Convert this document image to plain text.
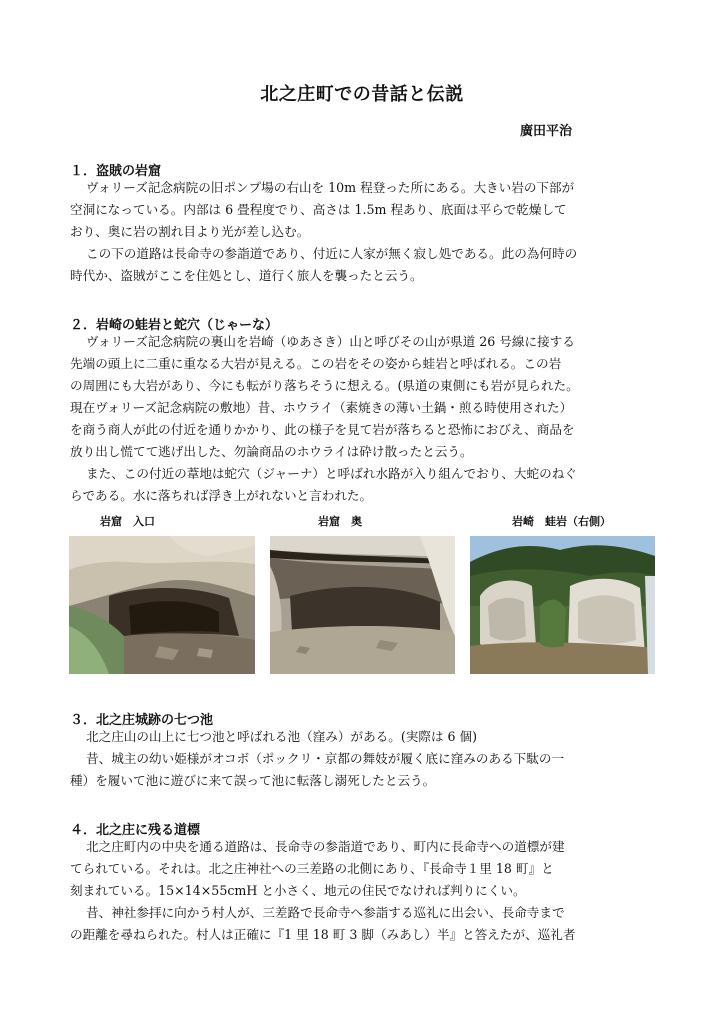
北之庄町での昔話と伝説
廣田平治
１．盗賊の岩窟
ヴォリーズ記念病院の旧ポンプ場の右山を 10m 程登った所にある。大きい岩の下部が
空洞になっている。内部は 6 畳程度でり、高さは 1.5m 程あり、底面は平らで乾燥して
おり、奥に岩の割れ目より光が差し込む。
この下の道路は長命寺の参詣道であり、付近に人家が無く寂し処である。此の為何時の
時代か、盗賊がここを住処とし、道行く旅人を襲ったと云う。
２．岩崎の蛙岩と蛇穴（じゃーな）
ヴォリーズ記念病院の裏山を岩崎（ゆあさき）山と呼びその山が県道 26 号線に接する
先端の頭上に二重に重なる大岩が見える。この岩をその姿から蛙岩と呼ばれる。この岩
の周囲にも大岩があり、今にも転がり落ちそうに想える。(県道の東側にも岩が見られた。
現在ヴォリーズ記念病院の敷地）昔、ホウライ（素焼きの薄い土鍋・煎る時使用された）
を商う商人が此の付近を通りかかり、此の様子を見て岩が落ちると恐怖におびえ、商品を
放り出し慌てて逃げ出した、勿論商品のホウライは砕け散ったと云う。
また、この付近の葦地は蛇穴（ジャーナ）と呼ばれ水路が入り組んでおり、大蛇のねぐ
らである。水に落ちれば浮き上がれないと言われた。
岩窟　入口	岩窟　奥	岩崎　蛙岩（右側）
３．北之庄城跡の七つ池
北之庄山の山上に七つ池と呼ばれる池（窪み）がある。(実際は 6 個)
昔、城主の幼い姫様がオコボ（ポックリ・京都の舞妓が履く底に窪みのある下駄の一
種）を履いて池に遊びに来て誤って池に転落し溺死したと云う。
４．北之庄に残る道標
北之庄町内の中央を通る道路は、長命寺の参詣道であり、町内に長命寺への道標が建
てられている。それは。北之庄神社への三差路の北側にあり、『長命寺１里 18 町』と
刻まれている。15×14×55cmH と小さく、地元の住民でなければ判りにくい。
昔、神社参拝に向かう村人が、三差路で長命寺へ参詣する巡礼に出会い、長命寺まで
の距離を尋ねられた。村人は正確に『1 里 18 町 3 脚（みあし）半』と答えたが、巡礼者
